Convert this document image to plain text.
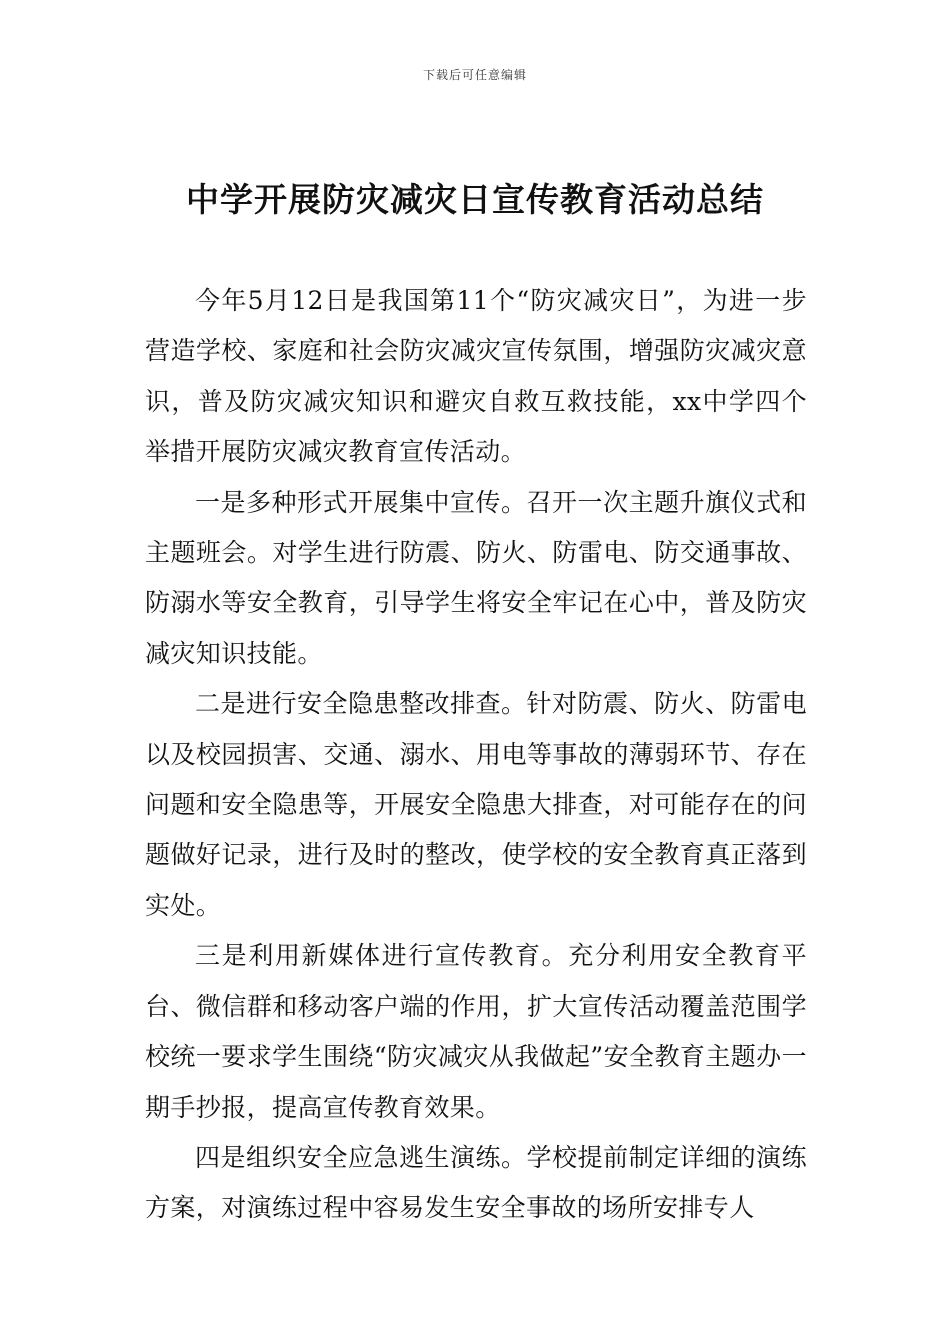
下载后可任意编辑
中学开展防灾减灾日宣传教育活动总结

今年5月12日是我国第11个“防灾减灾日”，为进一步营造学校、家庭和社会防灾减灾宣传氛围，增强防灾减灾意识，普及防灾减灾知识和避灾自救互救技能，xx中学四个举措开展防灾减灾教育宣传活动。

一是多种形式开展集中宣传。召开一次主题升旗仪式和主题班会。对学生进行防震、防火、防雷电、防交通事故、防溺水等安全教育，引导学生将安全牢记在心中，普及防灾减灾知识技能。

二是进行安全隐患整改排查。针对防震、防火、防雷电以及校园损害、交通、溺水、用电等事故的薄弱环节、存在问题和安全隐患等，开展安全隐患大排查，对可能存在的问题做好记录，进行及时的整改，使学校的安全教育真正落到实处。

三是利用新媒体进行宣传教育。充分利用安全教育平台、微信群和移动客户端的作用，扩大宣传活动覆盖范围学校统一要求学生围绕“防灾减灾从我做起”安全教育主题办一期手抄报，提高宣传教育效果。

四是组织安全应急逃生演练。学校提前制定详细的演练方案，对演练过程中容易发生安全事故的场所安排专人
